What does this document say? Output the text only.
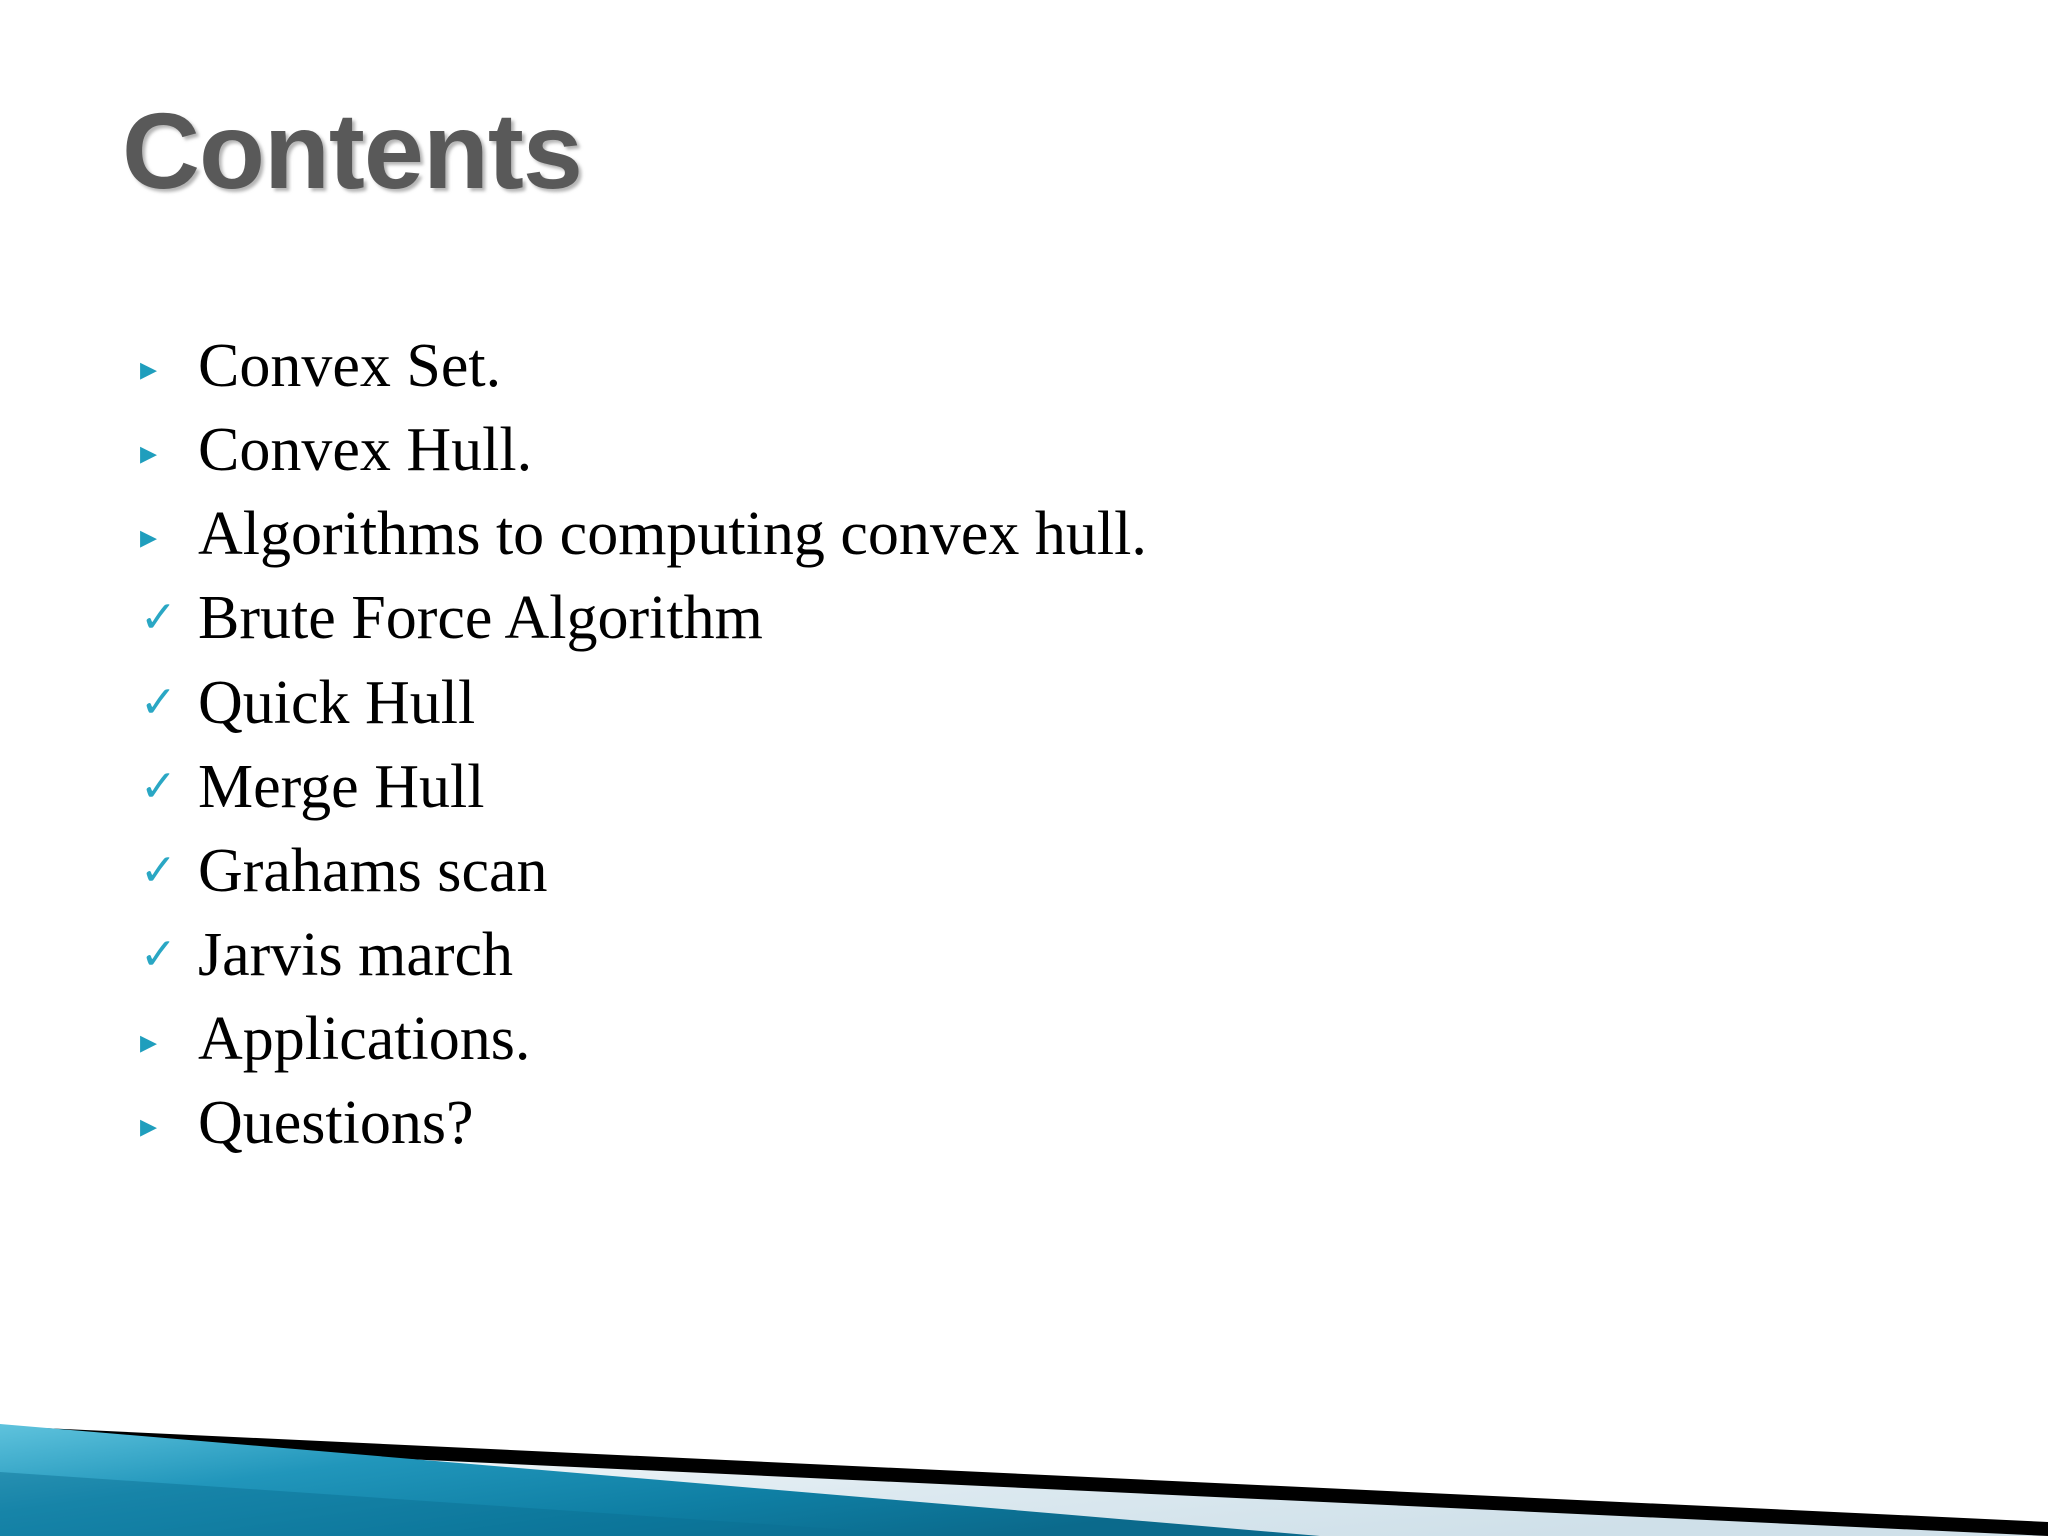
Contents
▸ Convex Set.
▸ Convex Hull.
▸ Algorithms to computing convex hull.
✓ Brute Force Algorithm
✓ Quick Hull
✓ Merge Hull
✓ Grahams scan
✓ Jarvis march
▸ Applications.
▸ Questions?
